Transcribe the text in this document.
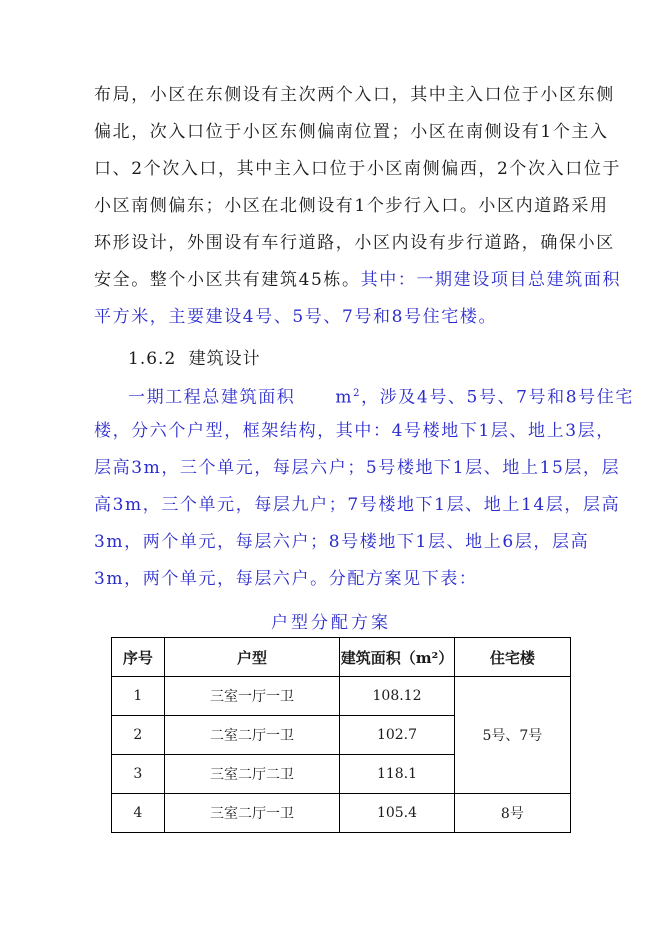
布局，小区在东侧设有主次两个入口，其中主入口位于小区东侧
偏北，次入口位于小区东侧偏南位置；小区在南侧设有1个主入
口、2个次入口，其中主入口位于小区南侧偏西，2个次入口位于
小区南侧偏东；小区在北侧设有1个步行入口。小区内道路采用
环形设计，外围设有车行道路，小区内设有步行道路，确保小区
安全。整个小区共有建筑45栋。其中：一期建设项目总建筑面积
平方米，主要建设4号、5号、7号和8号住宅楼。
1.6.2 建筑设计
一期工程总建筑面积 $m^2$，涉及4号、5号、7号和8号住宅
楼，分六个户型，框架结构，其中：4号楼地下1层、地上3层，
层高3m，三个单元，每层六户；5号楼地下1层、地上15层，层
高3m，三个单元，每层九户；7号楼地下1层、地上14层，层高
3m，两个单元，每层六户；8号楼地下1层、地上6层，层高
3m，两个单元，每层六户。分配方案见下表：
户型分配方案
序号	户型	建筑面积（m²）	住宅楼
1	三室一厅一卫	108.12	5号、7号
2	二室二厅一卫	102.7	
3	三室二厅二卫	118.1	
4	三室二厅一卫	105.4	8号
